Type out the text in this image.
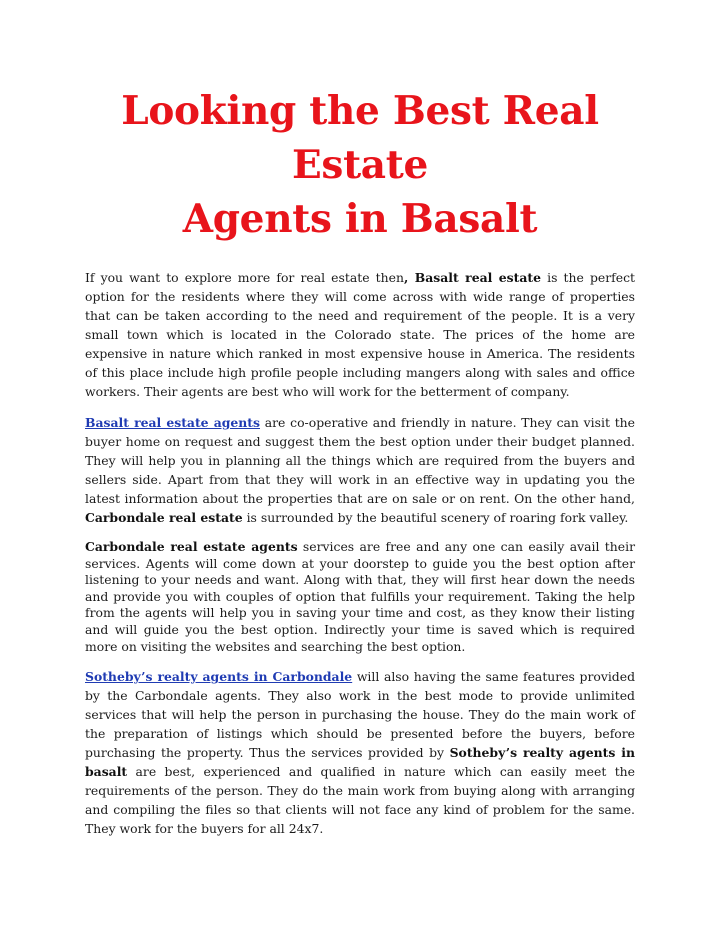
Looking the Best Real Estate
Agents in Basalt

If you want to explore more for real estate then, Basalt real estate is the perfect option for the residents where they will come across with wide range of properties that can be taken according to the need and requirement of the people. It is a very small town which is located in the Colorado state. The prices of the home are expensive in nature which ranked in most expensive house in America. The residents of this place include high profile people including mangers along with sales and office workers. Their agents are best who will work for the betterment of company.

Basalt real estate agents are co-operative and friendly in nature. They can visit the buyer home on request and suggest them the best option under their budget planned. They will help you in planning all the things which are required from the buyers and sellers side. Apart from that they will work in an effective way in updating you the latest information about the properties that are on sale or on rent. On the other hand, Carbondale real estate is surrounded by the beautiful scenery of roaring fork valley.

Carbondale real estate agents services are free and any one can easily avail their services. Agents will come down at your doorstep to guide you the best option after listening to your needs and want. Along with that, they will first hear down the needs and provide you with couples of option that fulfills your requirement. Taking the help from the agents will help you in saving your time and cost, as they know their listing and will guide you the best option. Indirectly your time is saved which is required more on visiting the websites and searching the best option.

Sotheby’s realty agents in Carbondale will also having the same features provided by the Carbondale agents. They also work in the best mode to provide unlimited services that will help the person in purchasing the house. They do the main work of the preparation of listings which should be presented before the buyers, before purchasing the property. Thus the services provided by Sotheby’s realty agents in basalt are best, experienced and qualified in nature which can easily meet the requirements of the person. They do the main work from buying along with arranging and compiling the files so that clients will not face any kind of problem for the same. They work for the buyers for all 24x7.
